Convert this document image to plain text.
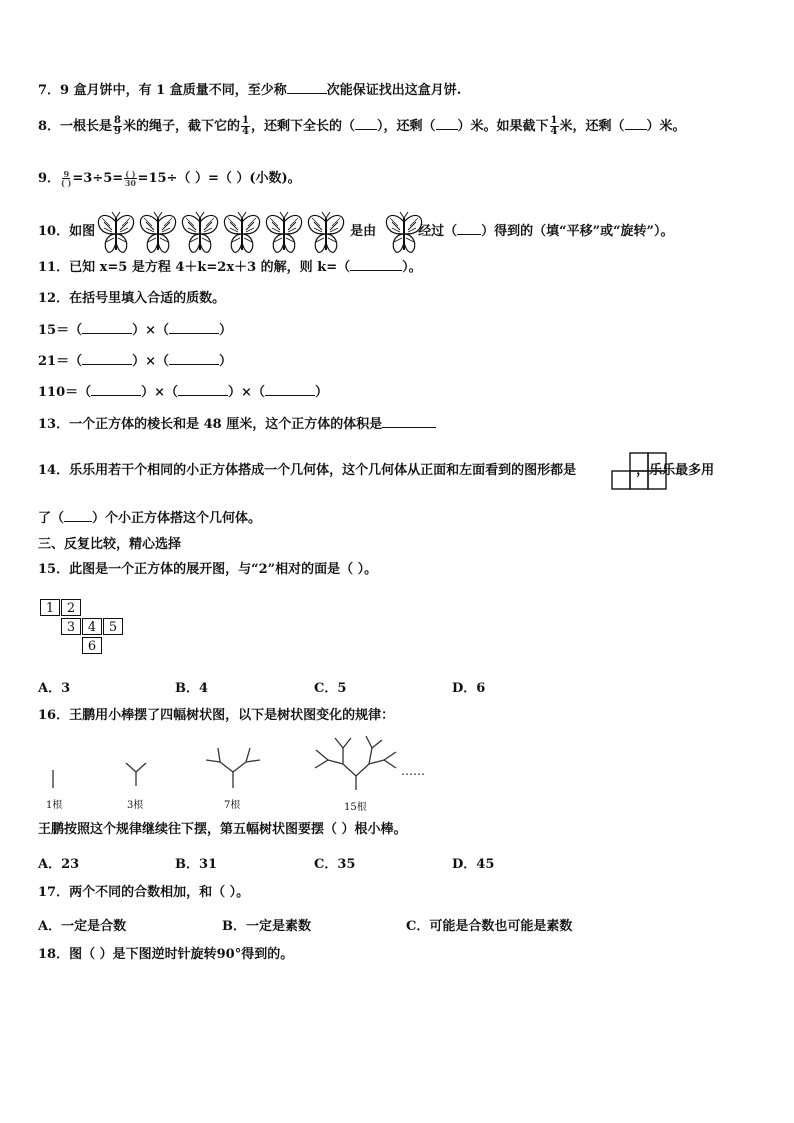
7．9 盒月饼中，有 1 盒质量不同，至少称	次能保证找出这盒月饼.
8．一根长是 $\frac{8}{9}$ 米的绳子，截下它的 $\frac{1}{4}$ ，还剩下全长的（ ），还剩（ ）米。如果截下 $\frac{1}{4}$ 米，还剩（ ）米。
9． $\frac{9}{( )} =3\div 5= \frac{( )}{30} =15\div$（ ）=（ ）(小数)。
10．如图	是由	经过（ ）得到的（填“平移”或“旋转”）。
11．已知 x=5 是方程 4＋k=2x＋3 的解，则 k=（	）。
12．在括号里填入合适的质数。
15＝（	）×（	）
21＝（	）×（	）
110＝（	）×（	）×（	）
13．一个正方体的棱长和是 48 厘米，这个正方体的体积是
14．乐乐用若干个相同的小正方体搭成一个几何体，这个几何体从正面和左面看到的图形都是	，乐乐最多用
了（ ）个小正方体搭这个几何体。
三、反复比较，精心选择
15．此图是一个正方体的展开图，与“2”相对的面是（ ）。
1 2
3 4 5
6
A．3	B．4	C．5	D．6
16．王鹏用小棒摆了四幅树状图，以下是树状图变化的规律：
1根	3根	7根	15根
……
王鹏按照这个规律继续往下摆，第五幅树状图要摆（ ）根小棒。
A．23	B．31	C．35	D．45
17．两个不同的合数相加，和（ ）。
A．一定是合数	B．一定是素数	C．可能是合数也可能是素数
18．图（ ）是下图逆时针旋转90°得到的。
